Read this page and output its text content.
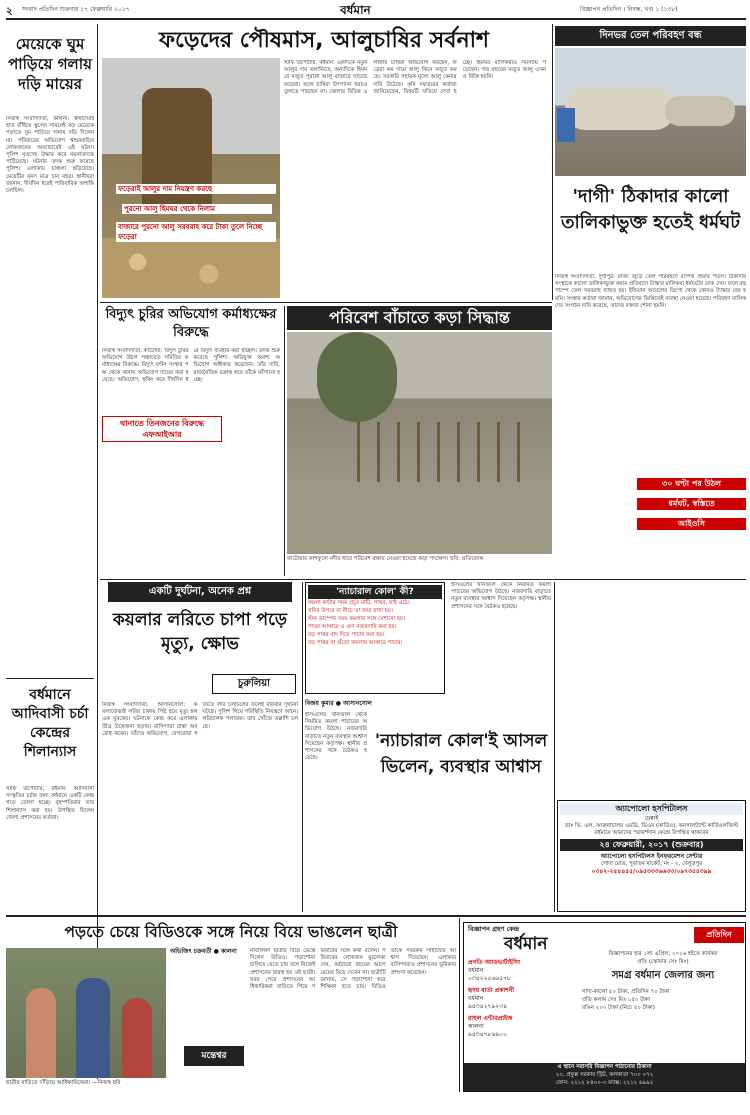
২ সংবাদ প্রতিদিন শুক্রবার ১৭ ফেব্রুয়ারি ২০১৭	বর্ধমান	বিজ্ঞাপন প্রতিদিন । নিবন্ধ, খণ্ড ১ (১৩৮)
মেয়েকে ঘুম পাড়িয়ে গলায় দড়ি মায়ের
নিজস্ব সংবাদদাতা, কালনা: স্বামীদেরই হাত বাঁধিয়ে স্কুলের সামনেই বড় মেয়েকে পড়াতে ঘুম পাড়িয়ে গলায় দড়ি দিলেন মা। পরিবারের অভিযোগ শ্বশুরবাড়ির লোকজনের অত্যাচারেই এই ঘটনা। পুলিশ মৃতদেহ উদ্ধার করে ময়নাতদন্তে পাঠিয়েছে। ঘটনার তদন্ত শুরু করেছে পুলিশ। এলাকায় চাঞ্চল্য ছড়িয়েছে। মেয়েটির বয়স মাত্র চার বছর। স্থানীয়রা জানান, দীর্ঘদিন ধরেই পারিবারিক অশান্তি চলছিল।
বর্ধমানে আদিবাসী চর্চা কেন্দ্রের শিলান্যাস
স্টাফ রিপোর্টার, বর্ধমান: আদিবাসী সংস্কৃতির চর্চার জন্য বর্ধমানে একটি কেন্দ্র গড়ে তোলা হচ্ছে। বৃহস্পতিবার তার শিলান্যাস করা হয়। উপস্থিত ছিলেন জেলা প্রশাসনের কর্তারা।
ফড়েদের পৌষমাস, আলুচাষির সর্বনাশ
ফড়েরাই আলুর দাম নিয়ন্ত্রণ করছে
পুরনো আলু হিমঘর থেকে নিলাম
বাজারে পুরনো আলু সরবরাহ করে টাকা তুলে নিচ্ছে ফড়েরা
স্টাফ রিপোর্টার, বর্ধমান: একদিকে নতুন আলুর দাম তলানিতে, অন্যদিকে হিমঘরে মজুত পুরনো আলু বাজারে ছাড়ছে ফড়েরা। ফলে চাষিরা উৎপাদন খরচও তুলতে পারছেন না। জেলার বিভিন্ন এলাকায় চাষিরা অভিযোগ করছেন, ফড়েরা কম দামে আলু কিনে মজুত করছে। সরকারি সহায়ক মূল্যে আলু কেনার দাবি উঠেছে। কৃষি দফতরের কর্তারা জানিয়েছেন, বিষয়টি খতিয়ে দেখা হচ্ছে। হিমঘর মালিকরাও সমস্যায় পড়েছেন। গত বছরের মজুত আলু এখনও বিক্রি হয়নি।
দিনভর তেল পরিবহণ বন্ধ
'দাগী' ঠিকাদার কালো তালিকাভুক্ত হতেই ধর্মঘট
নিজস্ব সংবাদদাতা, দুর্গাপুর: রাজ্য জুড়ে তেল পরিবহণে ব্যাপক প্রভাব পড়ল। ঠিকাদার সংস্থাকে কালো তালিকাভুক্ত করার প্রতিবাদে ট্যাঙ্কার মালিকরা ধর্মঘটের ডাক দেন। ফলে বহু পাম্পে তেল সরবরাহ ব্যাহত হয়। ইন্ডিয়ান অয়েলের ডিপো থেকে কোনও ট্যাঙ্কার বের হয়নি। সংস্থার কর্তারা জানান, অভিযোগের ভিত্তিতেই ব্যবস্থা নেওয়া হয়েছে। পরিবহণ মালিকদের সংগঠন দাবি করেছে, তাদের বক্তব্য শোনা হয়নি।
৩০ ঘণ্টা পর উঠল
ধর্মঘট, স্বস্তিতে
আইওসি
বিদ্যুৎ চুরির অভিযোগ কর্মাধ্যক্ষের বিরুদ্ধে
নিজস্ব সংবাদদাতা, কাটোয়া: বিদ্যুৎ চুরির অভিযোগ উঠল পঞ্চায়েত সমিতির কর্মাধ্যক্ষের বিরুদ্ধে। বিদ্যুৎ বণ্টন সংস্থার পক্ষ থেকে থানায় অভিযোগ দায়ের করা হয়েছে। অভিযোগ, হুকিং করে দীর্ঘদিন ধরে বিদ্যুৎ ব্যবহার করা হচ্ছিল। তদন্ত শুরু করেছে পুলিশ। অভিযুক্ত অবশ্য অভিযোগ অস্বীকার করেছেন। তাঁর দাবি, রাজনৈতিক চক্রান্ত করে তাঁকে ফাঁসানো হচ্ছে।
থানাতে তিনজনের বিরুদ্ধে এফআইআর
পরিবেশ বাঁচাতে কড়া সিদ্ধান্ত
কাটোয়ার কাশফুলে নদীর ধারে পরিবেশ রক্ষায় নেওয়া হয়েছে কড়া পদক্ষেপ। ছবি: প্রতিবেদক
একটি দুর্ঘটনা, অনেক প্রশ্ন
কয়লার লরিতে চাপা পড়ে মৃত্যু, ক্ষোভ
চুরুলিয়া
নিজস্ব সংবাদদাতা, আসানসোল: কয়লাবোঝাই লরির চাকায় পিষ্ট হয়ে মৃত্যু হল এক যুবকের। ঘটনাকে কেন্দ্র করে এলাকায় তীব্র উত্তেজনা ছড়ায়। বাসিন্দারা রাস্তা অবরোধ করেন। তাঁদের অভিযোগ, বেপরোয়া গতিতে লরি চলাচলের ফলেই বারবার দুর্ঘটনা ঘটছে। পুলিশ গিয়ে পরিস্থিতি নিয়ন্ত্রণে আনে। লরিচালক পলাতক। তার খোঁজে তল্লাশি চলছে।
'ন্যাচারাল কোল' কী?
কয়লা কাটার সময় প্রচুর মাটি, পাথর, ছাই ওঠে।
খনির উপরে বা নীচে তা জমা রাখা হয়।
স্টক ডাম্পের সময় কয়লার সঙ্গে মেশানো হয়।
পাথর আকারে ও গুণ নজরদারি করা হয়।
বড় পাথর বাদ দিয়ে পাচার করা হয়।
বড় পাথর বা গুঁড়ো কয়লার আকারে পাচার।
ইসিএলের খনিগুলি থেকে নিয়মিত কয়লা পাচারের অভিযোগ উঠছে। নজরদারি বাড়াতে নতুন ব্যবস্থার আশ্বাস দিয়েছেন কর্তৃপক্ষ। স্থানীয় প্রশাসনের সঙ্গে বৈঠকও হয়েছে।
বিজয় কুমার ● আসানসোল
ইসিএলের খনিগুলি থেকে নিয়মিত কয়লা পাচারের অভিযোগ উঠছে। নজরদারি বাড়াতে নতুন ব্যবস্থার আশ্বাস দিয়েছেন কর্তৃপক্ষ। স্থানীয় প্রশাসনের সঙ্গে বৈঠকও হয়েছে।
'ন্যাচারাল কোল'ই আসল ভিলেন, ব্যবস্থার আশ্বাস
অ্যাপোলো হসপিটালস
চেন্নাই
ডাঃ ভি. এল. আরুনাচালম এমডি, ডিএম (কার্ডিও), কনসালট্যান্ট কার্ডিওলজিস্ট
বর্ধমানে আমাদের পরামর্শদান কেন্দ্রে উপস্থিত থাকবেন
২৪ ফেব্রুয়ারী, ২০১৭ (শুক্রবার)
অ্যাপোলো হসপিটালস ইনফরমেশন সেন্টার
গোদা রোড, পুরাতন মার্কেট, নং - ২, বেলুড়পুর
০৩৪২-২৫৪৪৫৫/০৯৫৩৩৩৬৬৩৩/০৯৭৩৫৪৩৯৯
পড়তে চেয়ে বিডিওকে সঙ্গে নিয়ে বিয়ে ভাঙলেন ছাত্রী
ছাত্রীর বাড়িতে দাঁড়িয়ে আধিকারিকেরা। —নিজস্ব ছবি
অভিজিৎ চক্রবর্তী ● কালনা
মন্তেশ্বর
নাবালিকা ছাত্রীর বিয়ে ভেস্তে দিলেন বিডিও। পড়াশোনা চালিয়ে যেতে চায় বলে নিজেই প্রশাসনের দ্বারস্থ হয় ওই ছাত্রী। খবর পেয়ে প্রশাসনের আধিকারিকরা বাড়িতে গিয়ে পরিবারের সঙ্গে কথা বলেন। পরিবারের লোকজন মুচলেকা দেন, আঠারো বছরের আগে মেয়ের বিয়ে দেবেন না। ছাত্রীটি জানায়, সে পড়াশোনা করে শিক্ষিকা হতে চায়। বিডিও তাকে সবরকম সাহায্যের আশ্বাস দিয়েছেন। এলাকার বাসিন্দারাও প্রশাসনের ভূমিকার প্রশংসা করেছেন।
বিজ্ঞাপন গ্রহণ কেন্দ্র
বর্ধমান	প্রতিদিন
প্রগতি অ্যাডভার্টাইসিং
বর্ধমান
০৩৪২২৫৬৬৫৭৮
হৃদয় বার্তা প্রকাশনী
বর্ধমান
৯৪৩৪২৭৯২৩৪
রাহুল এন্টারপ্রাইজ
কালনা
৯৪৩৪৭৮৬৯০০
বিজ্ঞাপনের হার ১লা এপ্রিল, ২০১৬ হইতে কার্যকর
প্রতি (স্কোয়ার সেঃ মিঃ)
সমগ্র বর্ধমান জেলার জন্য
সাদা-কালো ৫০ টাকা, প্রতিদিন ৭০ টাকা
প্রতি কলাম সেঃ মিঃ ১৫০ টাকা
রঙিন ২০০ টাকা (নিচে ৫০ টাকা)
এ স্থানে সরাসরি বিজ্ঞাপন পাঠানোর ঠিকানা
২০, প্রফুল্ল সরকার স্ট্রিট, কলকাতা ৭০০ ০৭২
ফোন: ২২১২ ৮৪০০-৩ ফ্যাক্স: ২২১২ ৬৯৯২
